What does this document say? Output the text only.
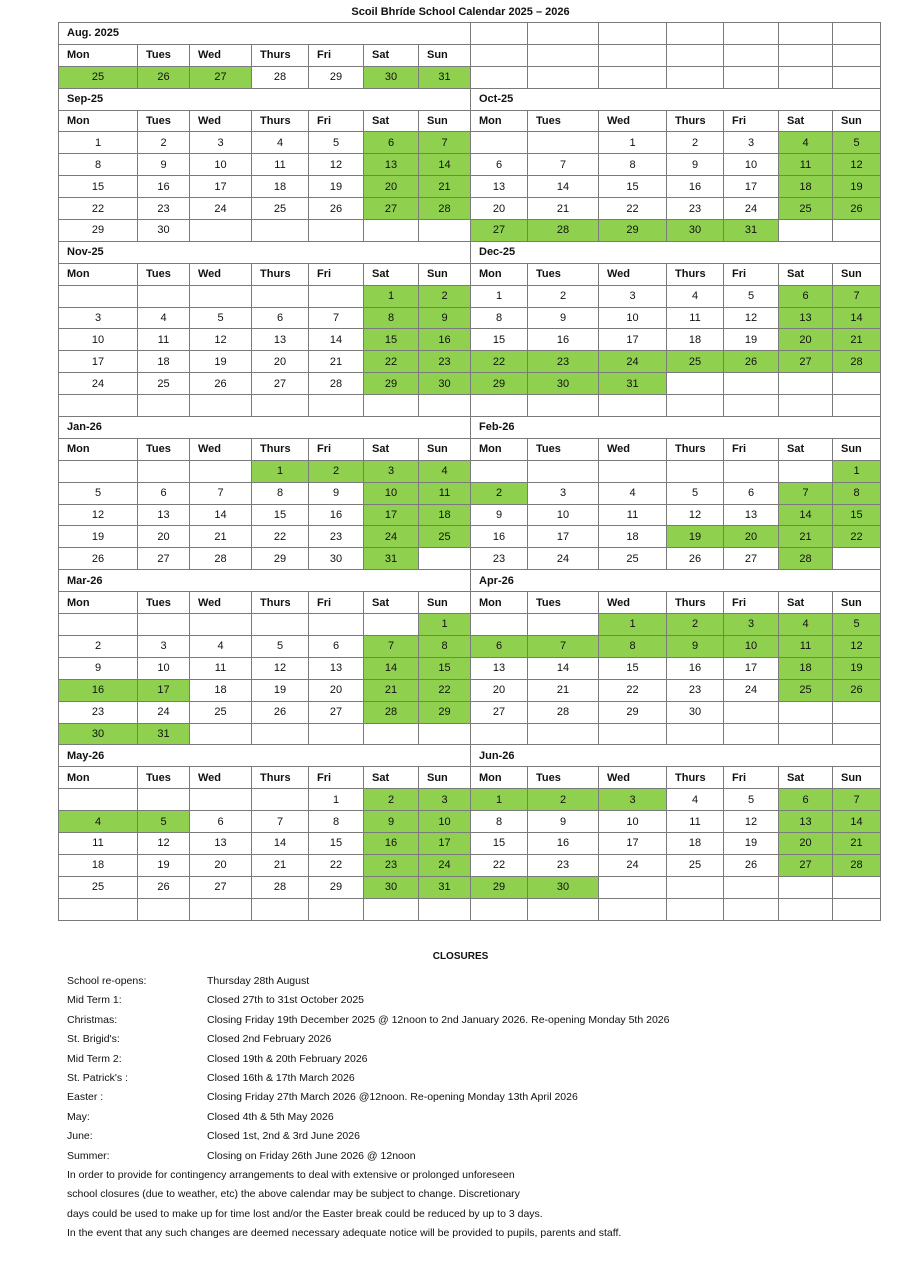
Scoil Bhríde School Calendar 2025 – 2026
Aug. 2025													
Mon	Tues	Wed	Thurs	Fri	Sat	Sun							
25	26	27	28	29	30	31							
Sep-25							Oct-25						
Mon	Tues	Wed	Thurs	Fri	Sat	Sun	Mon	Tues	Wed	Thurs	Fri	Sat	Sun
1	2	3	4	5	6	7			1	2	3	4	5
8	9	10	11	12	13	14	6	7	8	9	10	11	12
15	16	17	18	19	20	21	13	14	15	16	17	18	19
22	23	24	25	26	27	28	20	21	22	23	24	25	26
29	30						27	28	29	30	31		
Nov-25							Dec-25						
Mon	Tues	Wed	Thurs	Fri	Sat	Sun	Mon	Tues	Wed	Thurs	Fri	Sat	Sun
					1	2	1	2	3	4	5	6	7
3	4	5	6	7	8	9	8	9	10	11	12	13	14
10	11	12	13	14	15	16	15	16	17	18	19	20	21
17	18	19	20	21	22	23	22	23	24	25	26	27	28
24	25	26	27	28	29	30	29	30	31				

Jan-26							Feb-26						
Mon	Tues	Wed	Thurs	Fri	Sat	Sun	Mon	Tues	Wed	Thurs	Fri	Sat	Sun
			1	2	3	4							1
5	6	7	8	9	10	11	2	3	4	5	6	7	8
12	13	14	15	16	17	18	9	10	11	12	13	14	15
19	20	21	22	23	24	25	16	17	18	19	20	21	22
26	27	28	29	30	31		23	24	25	26	27	28	
Mar-26							Apr-26						
Mon	Tues	Wed	Thurs	Fri	Sat	Sun	Mon	Tues	Wed	Thurs	Fri	Sat	Sun
						1			1	2	3	4	5
2	3	4	5	6	7	8	6	7	8	9	10	11	12
9	10	11	12	13	14	15	13	14	15	16	17	18	19
16	17	18	19	20	21	22	20	21	22	23	24	25	26
23	24	25	26	27	28	29	27	28	29	30			
30	31												
May-26							Jun-26						
Mon	Tues	Wed	Thurs	Fri	Sat	Sun	Mon	Tues	Wed	Thurs	Fri	Sat	Sun
				1	2	3	1	2	3	4	5	6	7
4	5	6	7	8	9	10	8	9	10	11	12	13	14
11	12	13	14	15	16	17	15	16	17	18	19	20	21
18	19	20	21	22	23	24	22	23	24	25	26	27	28
25	26	27	28	29	30	31	29	30					

CLOSURES
School re-opens:	Thursday 28th August
Mid Term 1:	Closed 27th to 31st October 2025
Christmas:	Closing Friday 19th December 2025 @ 12noon to 2nd January 2026. Re-opening Monday 5th 2026
St. Brigid's:	Closed 2nd February 2026
Mid Term 2:	Closed 19th & 20th February 2026
St. Patrick's :	Closed 16th & 17th March 2026
Easter :	Closing Friday 27th March 2026 @12noon. Re-opening Monday 13th April 2026
May:	Closed 4th & 5th May 2026
June:	Closed 1st, 2nd & 3rd June 2026
Summer:	Closing on Friday 26th June 2026 @ 12noon
In order to provide for contingency arrangements to deal with extensive or prolonged unforeseen
school closures (due to weather, etc) the above calendar may be subject to change. Discretionary
days could be used to make up for time lost and/or the Easter break could be reduced by up to 3 days.
In the event that any such changes are deemed necessary adequate notice will be provided to pupils, parents and staff.
